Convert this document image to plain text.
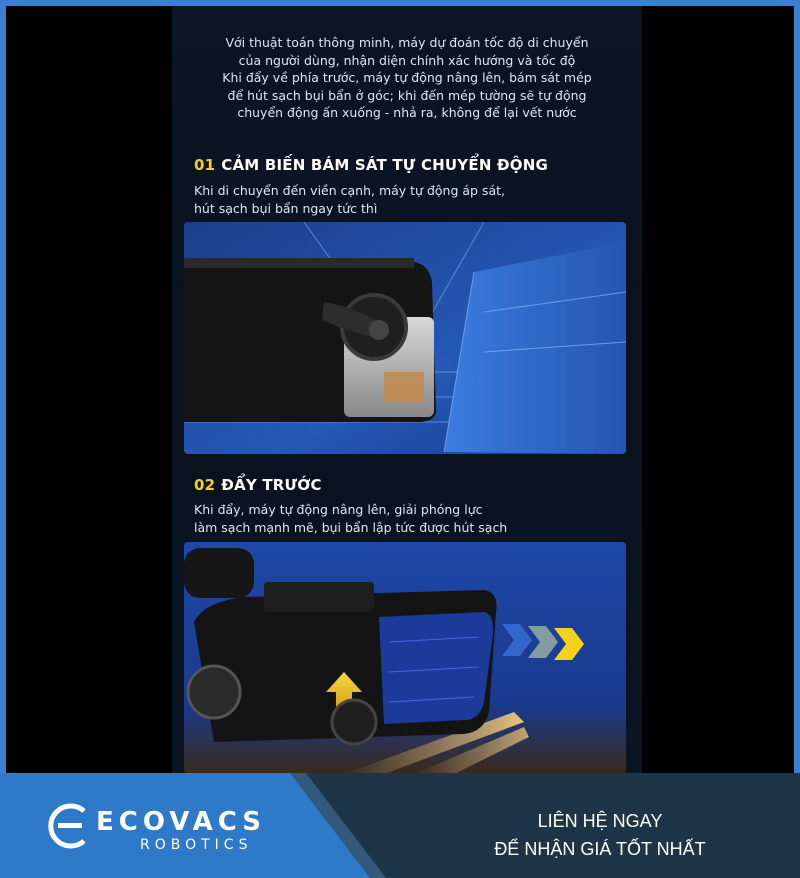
Với thuật toán thông minh, máy dự đoán tốc độ di chuyển
của người dùng, nhận diện chính xác hướng và tốc độ
Khi đẩy về phía trước, máy tự động nâng lên, bám sát mép
để hút sạch bụi bẩn ở góc; khi đến mép tường sẽ tự động
chuyển động ấn xuống - nhả ra, không để lại vết nước
01 CẢM BIẾN BÁM SÁT TỰ CHUYỂN ĐỘNG
Khi di chuyển đến viền cạnh, máy tự động áp sát,
hút sạch bụi bẩn ngay tức thì
02 ĐẨY TRƯỚC
Khi đẩy, máy tự động nâng lên, giải phóng lực
làm sạch mạnh mẽ, bụi bẩn lập tức được hút sạch
ECOVACS
ROBOTICS
LIÊN HỆ NGAY
ĐỂ NHẬN GIÁ TỐT NHẤT
